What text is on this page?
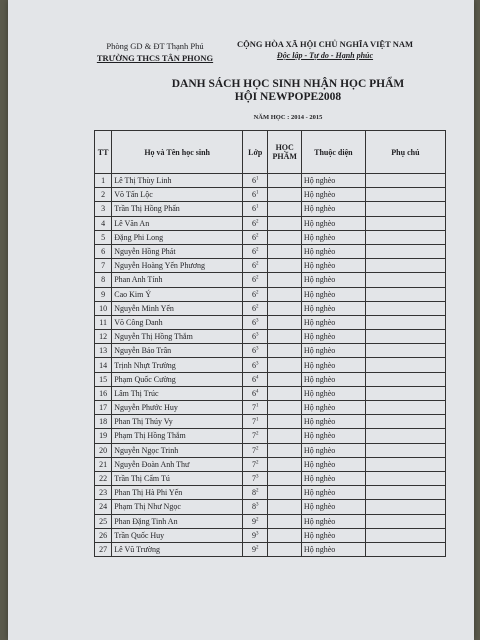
Phòng GD & ĐT Thạnh Phú
TRƯỜNG THCS TÂN PHONG
CỘNG HÒA XÃ HỘI CHỦ NGHĨA VIỆT NAM
Độc lập - Tự do - Hạnh phúc
DANH SÁCH HỌC SINH NHẬN HỌC PHẨM
HỘI NEWPOPE2008
NĂM HỌC : 2014 - 2015
TT	Họ và Tên học sinh	Lớp	HỌC PHẨM	Thuộc diện	Phụ chú
1	Lê Thị Thùy Linh	$6^1$		Hộ nghèo	
2	Võ Tấn Lộc	$6^1$		Hộ nghèo	
3	Trần Thị Hồng Phấn	$6^1$		Hộ nghèo	
4	Lê Văn An	$6^2$		Hộ nghèo	
5	Đặng Phi Long	$6^2$		Hộ nghèo	
6	Nguyễn Hồng Phát	$6^2$		Hộ nghèo	
7	Nguyễn Hoàng Yến Phương	$6^2$		Hộ nghèo	
8	Phan Anh Tính	$6^2$		Hộ nghèo	
9	Cao Kim Ý	$6^2$		Hộ nghèo	
10	Nguyễn Minh Yến	$6^2$		Hộ nghèo	
11	Võ Công Danh	$6^3$		Hộ nghèo	
12	Nguyễn Thị Hồng Thắm	$6^3$		Hộ nghèo	
13	Nguyễn Bảo Trân	$6^3$		Hộ nghèo	
14	Trịnh Nhựt Trường	$6^3$		Hộ nghèo	
15	Phạm Quốc Cường	$6^4$		Hộ nghèo	
16	Lâm Thị Trúc	$6^4$		Hộ nghèo	
17	Nguyễn Phước Huy	$7^1$		Hộ nghèo	
18	Phan Thị Thúy Vy	$7^1$		Hộ nghèo	
19	Phạm Thị Hồng Thắm	$7^2$		Hộ nghèo	
20	Nguyễn Ngọc Trinh	$7^2$		Hộ nghèo	
21	Nguyễn Đoàn Anh Thư	$7^2$		Hộ nghèo	
22	Trần Thị Cẩm Tú	$7^3$		Hộ nghèo	
23	Phan Thị Hà Phi Yến	$8^2$		Hộ nghèo	
24	Phạm Thị Như Ngọc	$8^3$		Hộ nghèo	
25	Phan Đặng Tinh An	$9^2$		Hộ nghèo	
26	Trần Quốc Huy	$9^3$		Hộ nghèo	
27	Lê Vũ Trường	$9^2$		Hộ nghèo	
